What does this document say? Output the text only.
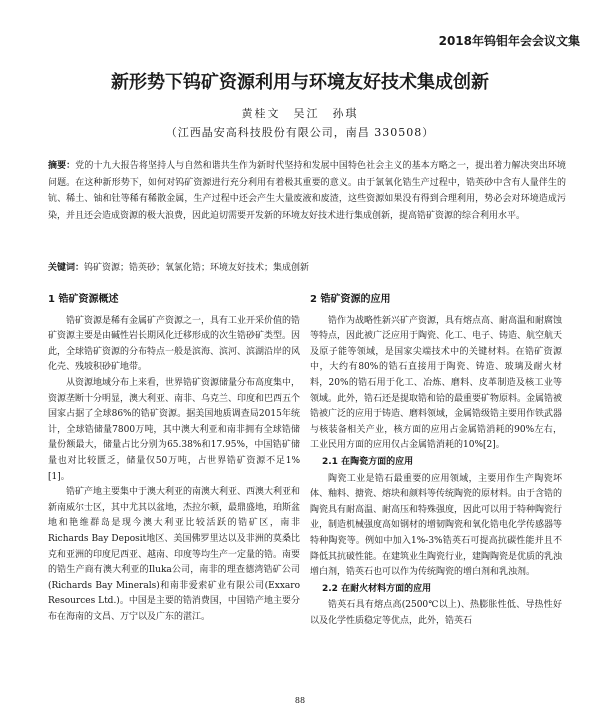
2018年钨钼年会会议文集
新形势下钨矿资源利用与环境友好技术集成创新
黄桂文　吴江　孙琪
（江西晶安高科技股份有限公司，南昌 330508）
摘要：党的十九大报告将坚持人与自然和谐共生作为新时代坚持和发展中国特色社会主义的基本方略之一，提出着力解决突出环境问题。在这种新形势下，如何对钨矿资源进行充分利用有着极其重要的意义。由于氯氧化锆生产过程中，锆英砂中含有人量伴生的钪、稀土、铀和钍等稀有稀散金属，生产过程中还会产生大量废液和废渣，这些资源如果没有得到合理利用，势必会对环境造成污染，并且还会造成资源的极大浪费，因此迫切需要开发新的环境友好技术进行集成创新，提高锆矿资源的综合利用水平。
关键词：钨矿资源；锆英砂；氧氯化锆；环境友好技术；集成创新
1 锆矿资源概述

锆矿资源是稀有金属矿产资源之一，具有工业开采价值的锆矿资源主要是由碱性岩长期风化迁移形成的次生锆砂矿类型。因此，全球锆矿资源的分布特点一般是滨海、滨河、滨湖沿岸的风化壳、残坡积砂矿地带。

从资源地域分布上来看，世界锆矿资源储量分布高度集中，资源垄断十分明显，澳大利亚、南非、乌克兰、印度和巴西五个国家占据了全球86%的锆矿资源。据美国地质调查局2015年统计，全球锆储量7800万吨，其中澳大利亚和南非拥有全球锆储量份额最大，储量占比分别为65.38%和17.95%，中国锆矿储量也对比较匮乏，储量仅50万吨，占世界锆矿资源不足1%[1]。

锆矿产地主要集中于澳大利亚的南澳大利亚、西澳大利亚和新南威尔士区，其中尤其以盆地，杰拉尔顿，最鼎盛地，珀斯盆地和艳维群岛是现今澳大利亚比较活跃的锆矿区，南非Richards Bay Deposit地区、美国佛罗里达以及非洲的莫桑比克和亚洲的印度尼西亚、越南、印度等均生产一定量的锆。南要的锆生产商有澳大利亚的Iluka公司，南非的理查德湾锆矿公司(Richards Bay Minerals)和南非爱索矿业有限公司(Exxaro Resources Ltd.)。中国是主要的锆消费国，中国锆产地主要分布在海南的文昌、万宁以及广东的湛江。

2 锆矿资源的应用

锆作为战略性新兴矿产资源，具有熔点高、耐高温和耐腐蚀等特点，因此被广泛应用于陶瓷、化工、电子、铸造、航空航天及原子能等领域，是国家尖端技术中的关键材料。在锆矿资源中，大约有80%的锆石直接用于陶瓷、铸造、玻璃及耐火材料，20%的锆石用于化工、冶炼、磨料、皮革制造及核工业等领域。此外，锆石还是提取锆和铪的最重要矿物原料。金属锆被锆被广泛的应用于铸造、磨料领域，金属锆级锆主要用作铁武器与核装备相关产业，核方面的应用占金属锆消耗的90%左右，工业民用方面的应用仅占金属锆消耗的10%[2]。

2.1 在陶瓷方面的应用

陶瓷工业是锆石最重要的应用领域，主要用作生产陶瓷坏体、釉料、搪瓷、熔块和颜料等传统陶瓷的原材料。由于含锆的陶瓷具有耐高温、耐高压和特殊强度，因此可以用于特种陶瓷行业，制造机械强度高如钢材的增韧陶瓷和氧化锆电化学传感器等特种陶瓷等。例如中加入1%-3%锆英石可提高抗碳性能并且不降低其抗破性能。在建筑业生陶瓷行业，建陶陶瓷是优质的乳浊增白剂，锆英石也可以作为传统陶瓷的增白剂和乳浊剂。

2.2 在耐火材料方面的应用

锆英石具有熔点高(2500℃以上)、热膨胀性低、导热性好以及化学性质稳定等优点，此外，锆英石

88
